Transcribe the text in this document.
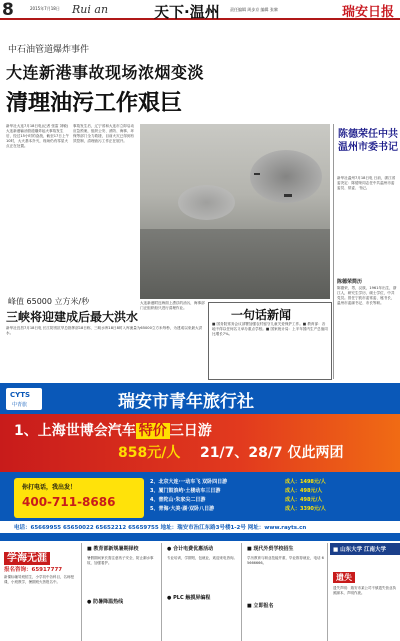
8	2015年7月18日 Rui an	天下·温州	责任编辑 周步京 编辑 张黎	瑞安日报
中石油管道爆炸事件
大连新港事故现场浓烟变淡
清理油污工作艰巨
新华社大连7月18日电(记者 张雷 刘敏)大连新港输油管道爆炸起火事故发生后，经过15小时的奋战，截至17日上午10时，大火基本扑灭，现场仍有零星火点正在处置。
事故发生后，辽宁省和大连市立即启动应急预案，组织公安、消防、海事、环保等部门全力救援，目前火灾已得到有效控制，清理油污工作正在展开。
大连新港附近海面上漂浮的油污，海事部门正组织船只进行清理作业。
陈德荣任中共温州市委书记
新华社温州7月18日电 日前，浙江省委决定：陈德荣同志任中共温州市委委员、常委、书记。
陈德荣简历
陈德荣，男，汉族，1961年出生，浙江人，研究生学历，硕士学位，中共党员。曾任宁波市委常委、秘书长，温州市委副书记、市长等职。
峰值 65000 立方米/秒
三峡将迎建成后最大洪水
新华社宜昌7月18日电 长江防汛抗旱总指挥部18日称，三峡水库18日8时入库流量为65000立方米每秒，为建成以来最大洪水。
一句话新闻
■ 国务院常务会议部署加强农村留守儿童关爱保护工作。■ 教育部：各地不得以任何名义举办重点学校。■ 国家统计局：上半年国内生产总值同比增长7%。
CYTS
中青旅	瑞安市青年旅行社
1、上海世博会汽车 特价 三日游
858元/人 21/7、28/7 仅此两团
你打电话，我出发！
400-711-8686
2、北京大连·一动车飞 双卧四日游	成人：1498元/人
3、厦门鼓浪屿·土楼动车三日游	成人：498元/人
4、普陀山·朱家尖二日游	成人：498元/人
5、青海·大美·湖·双卧八日游	成人：3390元/人
电话：65669955 65650022 65652212 65659755 地址：瑞安市治江东路3号楼1-2号 网址：www.rayts.cn
学海无涯
报名咨询：65917777
新课标辅导班招生，小学初中各科目，名师授课，小班教学，暑期班火热报名中。
■ 教育部新规暑期择校
暑假期间家长需注意孩子安全，防止溺水事故，加强看护。
● 防暑降温热线
● 合计电费优惠活动
专业培训，学期短，包就业，欢迎来电咨询。
● PLC 触摸屏编程
■ 现代外贸学校招生
学历教育与职业技能并重，毕业推荐就业，电话 65666666。
■ 立即报名
■ 山东大学 江南大学
遗失
遗失声明：瑞安市某公司不慎遗失营业执照副本，声明作废。
